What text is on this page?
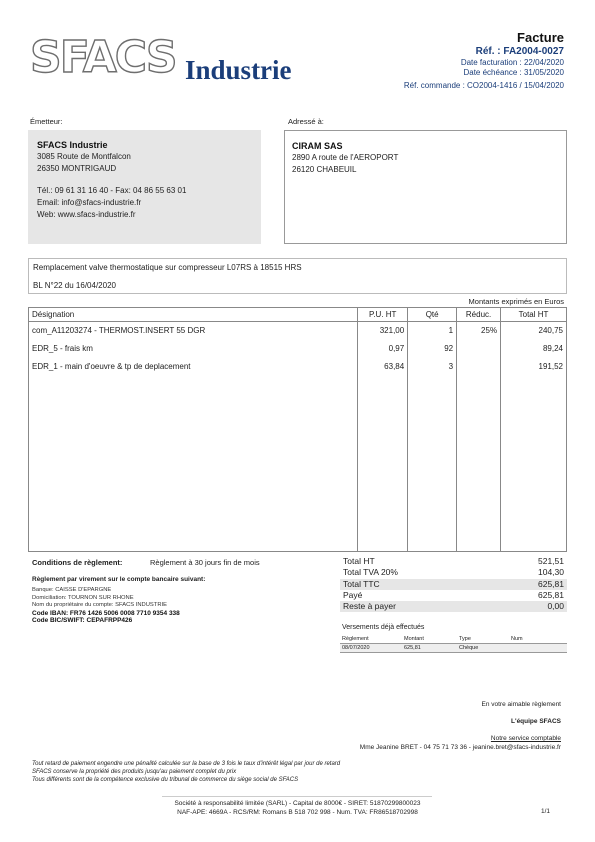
SFACS Industrie
Facture
Réf. : FA2004-0027
Date facturation : 22/04/2020
Date échéance : 31/05/2020
Réf. commande : CO2004-1416 / 15/04/2020
Émetteur:
SFACS Industrie
3085 Route de Montfalcon
26350 MONTRIGAUD
Tél.: 09 61 31 16 40 - Fax: 04 86 55 63 01
Email: info@sfacs-industrie.fr
Web: www.sfacs-industrie.fr
Adressé à:
CIRAM SAS
2890 A route de l'AEROPORT
26120 CHABEUIL
Remplacement valve thermostatique sur compresseur L07RS à 18515 HRS
BL N°22 du 16/04/2020
Montants exprimés en Euros
Désignation	P.U. HT	Qté	Réduc.	Total HT
com_A11203274 - THERMOST.INSERT 55 DGR	321,00	1	25%	240,75
EDR_5 - frais km	0,97	92		89,24
EDR_1 - main d'oeuvre & tp de deplacement	63,84	3		191,52

Conditions de règlement:	Règlement à 30 jours fin de mois
Règlement par virement sur le compte bancaire suivant:
Banque: CAISSE D'EPARGNE
Domiciliation: TOURNON SUR RHONE
Nom du propriétaire du compte: SFACS INDUSTRIE
Code IBAN: FR76 1426 5006 0008 7710 9354 338
Code BIC/SWIFT: CEPAFRPP426
Total HT	521,51
Total TVA 20%	104,30
Total TTC	625,81
Payé	625,81
Reste à payer	0,00
Versements déjà effectués
Règlement	Montant	Type	Num
08/07/2020	625,81	Chèque	
En votre aimable règlement
L'équipe SFACS
Notre service comptable
Mme Jeanine BRET - 04 75 71 73 36 - jeanine.bret@sfacs-industrie.fr
Tout retard de paiement engendre une pénalité calculée sur la base de 3 fois le taux d'intérêt légal par jour de retard
SFACS conserve la propriété des produits jusqu'au paiement complet du prix
Tous différents sont de la compétence exclusive du tribunal de commerce du siège social de SFACS
Société à responsabilité limitée (SARL) - Capital de 8000€ - SIRET: 51870299800023
NAF-APE: 4669A - RCS/RM: Romans B 518 702 998 - Num. TVA: FR86518702998	1/1
